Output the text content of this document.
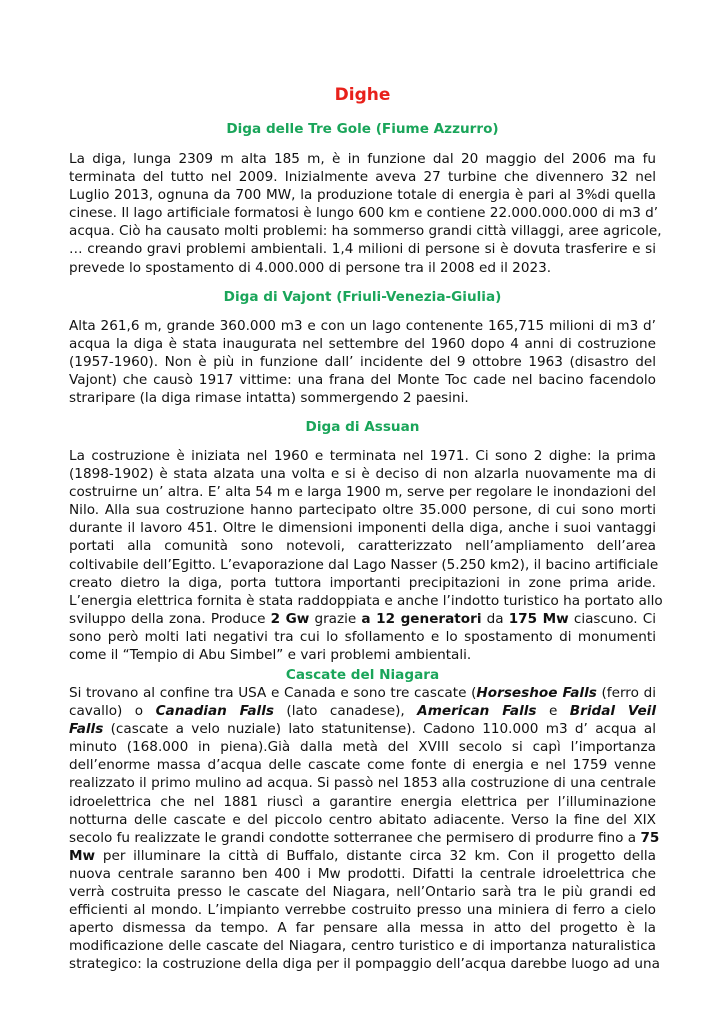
Dighe
Diga delle Tre Gole (Fiume Azzurro)
La diga, lunga 2309 m alta 185 m, è in funzione dal 20 maggio del 2006 ma fu
terminata del tutto nel 2009. Inizialmente aveva 27 turbine che divennero 32 nel
Luglio 2013, ognuna da 700 MW, la produzione totale di energia è pari al 3%di quella
cinese. Il lago artificiale formatosi è lungo 600 km e contiene 22.000.000.000 di m3 d’
acqua. Ciò ha causato molti problemi: ha sommerso grandi città villaggi, aree agricole,
… creando gravi problemi ambientali. 1,4 milioni di persone si è dovuta trasferire e si
prevede lo spostamento di 4.000.000 di persone tra il 2008 ed il 2023.
Diga di Vajont (Friuli-Venezia-Giulia)
Alta 261,6 m, grande 360.000 m3 e con un lago contenente 165,715 milioni di m3 d’
acqua la diga è stata inaugurata nel settembre del 1960 dopo 4 anni di costruzione
(1957-1960). Non è più in funzione dall’ incidente del 9 ottobre 1963 (disastro del
Vajont) che causò 1917 vittime: una frana del Monte Toc cade nel bacino facendolo
straripare (la diga rimase intatta) sommergendo 2 paesini.
Diga di Assuan
La costruzione è iniziata nel 1960 e terminata nel 1971. Ci sono 2 dighe: la prima
(1898-1902) è stata alzata una volta e si è deciso di non alzarla nuovamente ma di
costruirne un’ altra. E’ alta 54 m e larga 1900 m, serve per regolare le inondazioni del
Nilo. Alla sua costruzione hanno partecipato oltre 35.000 persone, di cui sono morti
durante il lavoro 451. Oltre le dimensioni imponenti della diga, anche i suoi vantaggi
portati alla comunità sono notevoli, caratterizzato nell’ampliamento dell’area
coltivabile dell’Egitto. L’evaporazione dal Lago Nasser (5.250 km2), il bacino artificiale
creato dietro la diga, porta tuttora importanti precipitazioni in zone prima aride.
L’energia elettrica fornita è stata raddoppiata e anche l’indotto turistico ha portato allo
sviluppo della zona. Produce 2 Gw grazie a 12 generatori da 175 Mw ciascuno. Ci
sono però molti lati negativi tra cui lo sfollamento e lo spostamento di monumenti
come il “Tempio di Abu Simbel” e vari problemi ambientali.
Cascate del Niagara
Si trovano al confine tra USA e Canada e sono tre cascate (Horseshoe Falls (ferro di
cavallo) o Canadian Falls (lato canadese), American Falls e Bridal Veil
Falls (cascate a velo nuziale) lato statunitense). Cadono 110.000 m3 d’ acqua al
minuto (168.000 in piena).Già dalla metà del XVIII secolo si capì l’importanza
dell’enorme massa d’acqua delle cascate come fonte di energia e nel 1759 venne
realizzato il primo mulino ad acqua. Si passò nel 1853 alla costruzione di una centrale
idroelettrica che nel 1881 riuscì a garantire energia elettrica per l’illuminazione
notturna delle cascate e del piccolo centro abitato adiacente. Verso la fine del XIX
secolo fu realizzate le grandi condotte sotterranee che permisero di produrre fino a 75
Mw per illuminare la città di Buffalo, distante circa 32 km. Con il progetto della
nuova centrale saranno ben 400 i Mw prodotti. Difatti la centrale idroelettrica che
verrà costruita presso le cascate del Niagara, nell’Ontario sarà tra le più grandi ed
efficienti al mondo. L’impianto verrebbe costruito presso una miniera di ferro a cielo
aperto dismessa da tempo. A far pensare alla messa in atto del progetto è la
modificazione delle cascate del Niagara, centro turistico e di importanza naturalistica
strategico: la costruzione della diga per il pompaggio dell’acqua darebbe luogo ad una
